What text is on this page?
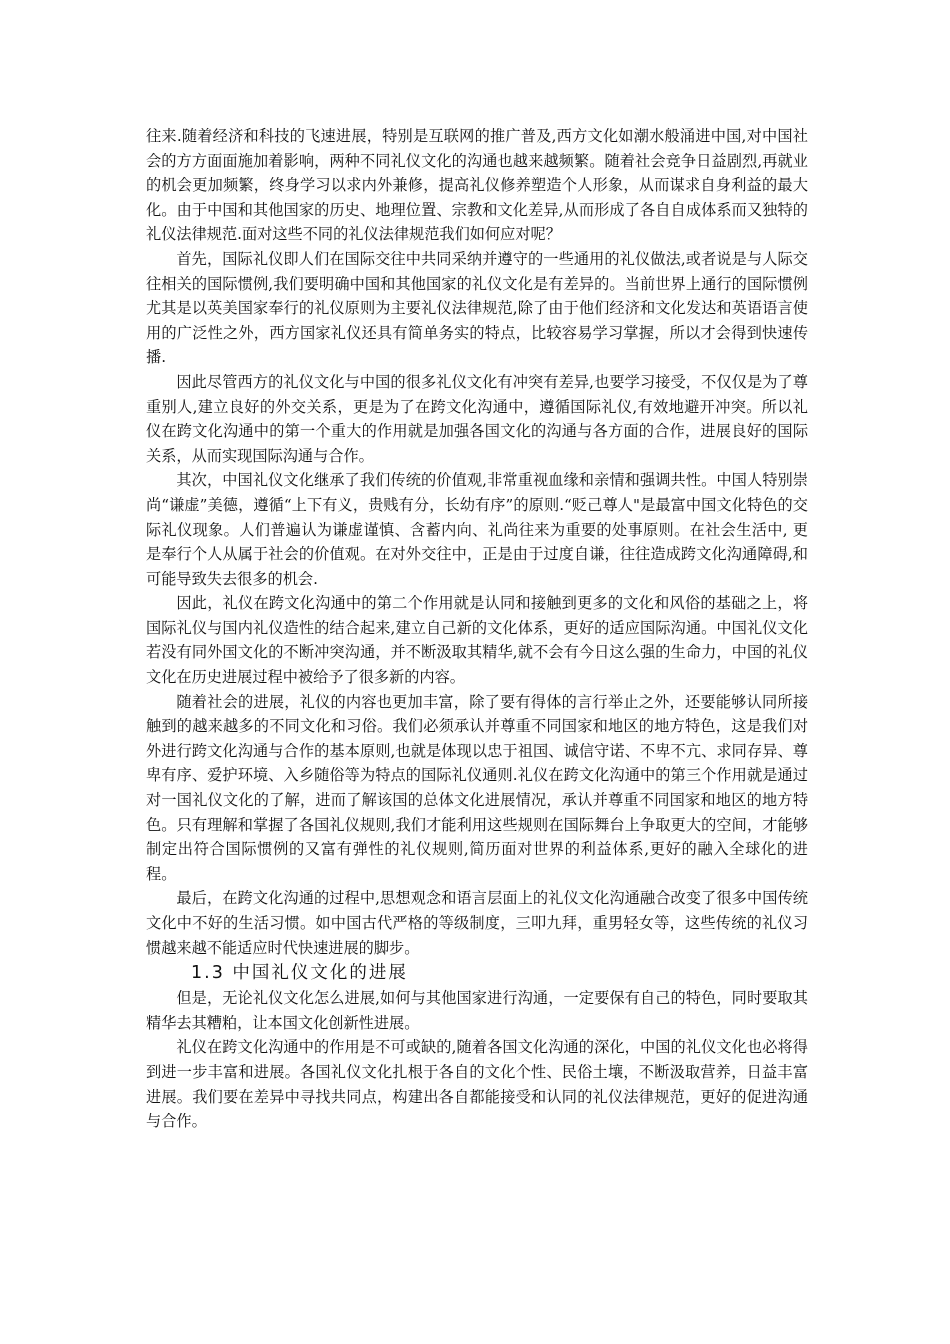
往来.随着经济和科技的飞速进展，特别是互联网的推广普及,西方文化如潮水般涌进中国,对中国社会的方方面面施加着影响，两种不同礼仪文化的沟通也越来越频繁。随着社会竞争日益剧烈,再就业的机会更加频繁，终身学习以求内外兼修，提高礼仪修养塑造个人形象，从而谋求自身利益的最大化。由于中国和其他国家的历史、地理位置、宗教和文化差异,从而形成了各自自成体系而又独特的礼仪法律规范.面对这些不同的礼仪法律规范我们如何应对呢？

首先，国际礼仪即人们在国际交往中共同采纳并遵守的一些通用的礼仪做法,或者说是与人际交往相关的国际惯例,我们要明确中国和其他国家的礼仪文化是有差异的。当前世界上通行的国际惯例尤其是以英美国家奉行的礼仪原则为主要礼仪法律规范,除了由于他们经济和文化发达和英语语言使用的广泛性之外，西方国家礼仪还具有简单务实的特点，比较容易学习掌握，所以才会得到快速传播.

因此尽管西方的礼仪文化与中国的很多礼仪文化有冲突有差异,也要学习接受，不仅仅是为了尊重别人,建立良好的外交关系，更是为了在跨文化沟通中，遵循国际礼仪,有效地避开冲突。所以礼仪在跨文化沟通中的第一个重大的作用就是加强各国文化的沟通与各方面的合作，进展良好的国际关系，从而实现国际沟通与合作。

其次，中国礼仪文化继承了我们传统的价值观,非常重视血缘和亲情和强调共性。中国人特别崇尚“谦虚”美德，遵循“上下有义，贵贱有分，长幼有序”的原则.“贬己尊人"是最富中国文化特色的交际礼仪现象。人们普遍认为谦虚谨慎、含蓄内向、礼尚往来为重要的处事原则。在社会生活中, 更是奉行个人从属于社会的价值观。在对外交往中，正是由于过度自谦，往往造成跨文化沟通障碍,和可能导致失去很多的机会.

因此，礼仪在跨文化沟通中的第二个作用就是认同和接触到更多的文化和风俗的基础之上，将国际礼仪与国内礼仪造性的结合起来,建立自己新的文化体系，更好的适应国际沟通。中国礼仪文化若没有同外国文化的不断冲突沟通，并不断汲取其精华,就不会有今日这么强的生命力，中国的礼仪文化在历史进展过程中被给予了很多新的内容。

随着社会的进展，礼仪的内容也更加丰富，除了要有得体的言行举止之外，还要能够认同所接触到的越来越多的不同文化和习俗。我们必须承认并尊重不同国家和地区的地方特色，这是我们对外进行跨文化沟通与合作的基本原则,也就是体现以忠于祖国、诚信守诺、不卑不亢、求同存异、尊卑有序、爱护环境、入乡随俗等为特点的国际礼仪通则.礼仪在跨文化沟通中的第三个作用就是通过对一国礼仪文化的了解，进而了解该国的总体文化进展情况，承认并尊重不同国家和地区的地方特色。只有理解和掌握了各国礼仪规则,我们才能利用这些规则在国际舞台上争取更大的空间，才能够制定出符合国际惯例的又富有弹性的礼仪规则,简历面对世界的利益体系,更好的融入全球化的进程。

最后，在跨文化沟通的过程中,思想观念和语言层面上的礼仪文化沟通融合改变了很多中国传统文化中不好的生活习惯。如中国古代严格的等级制度，三叩九拜，重男轻女等，这些传统的礼仪习惯越来越不能适应时代快速进展的脚步。

1.3 中国礼仪文化的进展

但是，无论礼仪文化怎么进展,如何与其他国家进行沟通，一定要保有自己的特色，同时要取其精华去其糟粕，让本国文化创新性进展。

礼仪在跨文化沟通中的作用是不可或缺的,随着各国文化沟通的深化，中国的礼仪文化也必将得到进一步丰富和进展。各国礼仪文化扎根于各自的文化个性、民俗土壤，不断汲取营养，日益丰富进展。我们要在差异中寻找共同点，构建出各自都能接受和认同的礼仪法律规范，更好的促进沟通与合作。
